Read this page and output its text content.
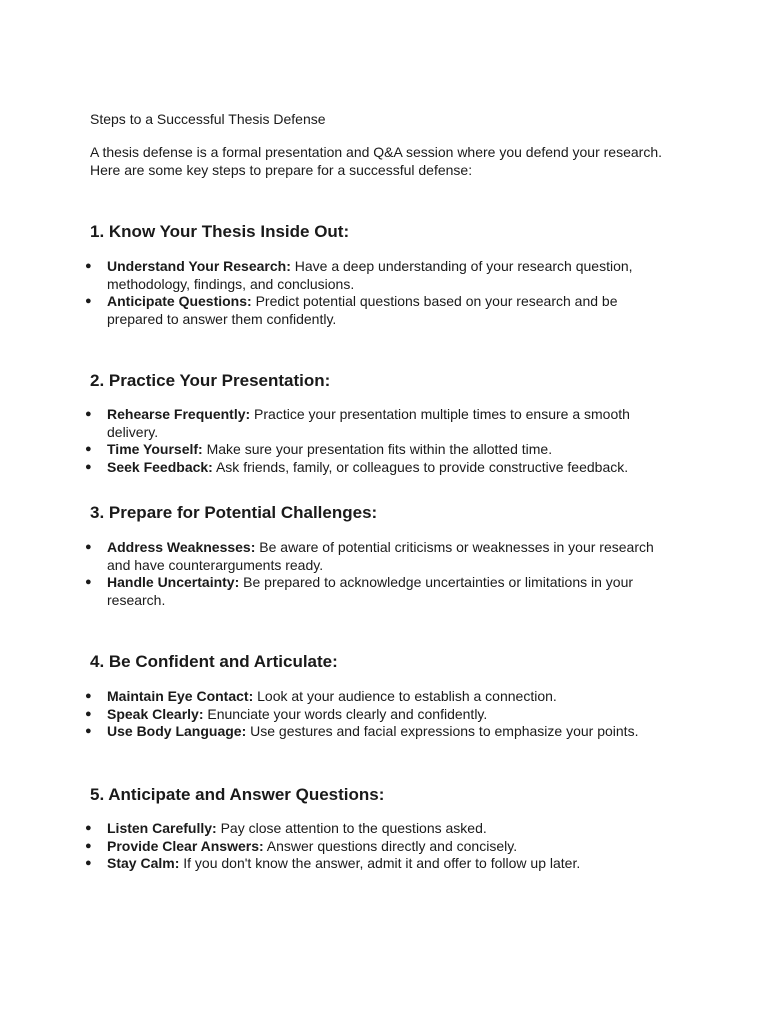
Steps to a Successful Thesis Defense

A thesis defense is a formal presentation and Q&A session where you defend your research. Here are some key steps to prepare for a successful defense:

1. Know Your Thesis Inside Out:
● Understand Your Research: Have a deep understanding of your research question, methodology, findings, and conclusions.
● Anticipate Questions: Predict potential questions based on your research and be prepared to answer them confidently.
2. Practice Your Presentation:
● Rehearse Frequently: Practice your presentation multiple times to ensure a smooth delivery.
● Time Yourself: Make sure your presentation fits within the allotted time.
● Seek Feedback: Ask friends, family, or colleagues to provide constructive feedback.
3. Prepare for Potential Challenges:
● Address Weaknesses: Be aware of potential criticisms or weaknesses in your research and have counterarguments ready.
● Handle Uncertainty: Be prepared to acknowledge uncertainties or limitations in your research.
4. Be Confident and Articulate:
● Maintain Eye Contact: Look at your audience to establish a connection.
● Speak Clearly: Enunciate your words clearly and confidently.
● Use Body Language: Use gestures and facial expressions to emphasize your points.
5. Anticipate and Answer Questions:
● Listen Carefully: Pay close attention to the questions asked.
● Provide Clear Answers: Answer questions directly and concisely.
● Stay Calm: If you don't know the answer, admit it and offer to follow up later.
